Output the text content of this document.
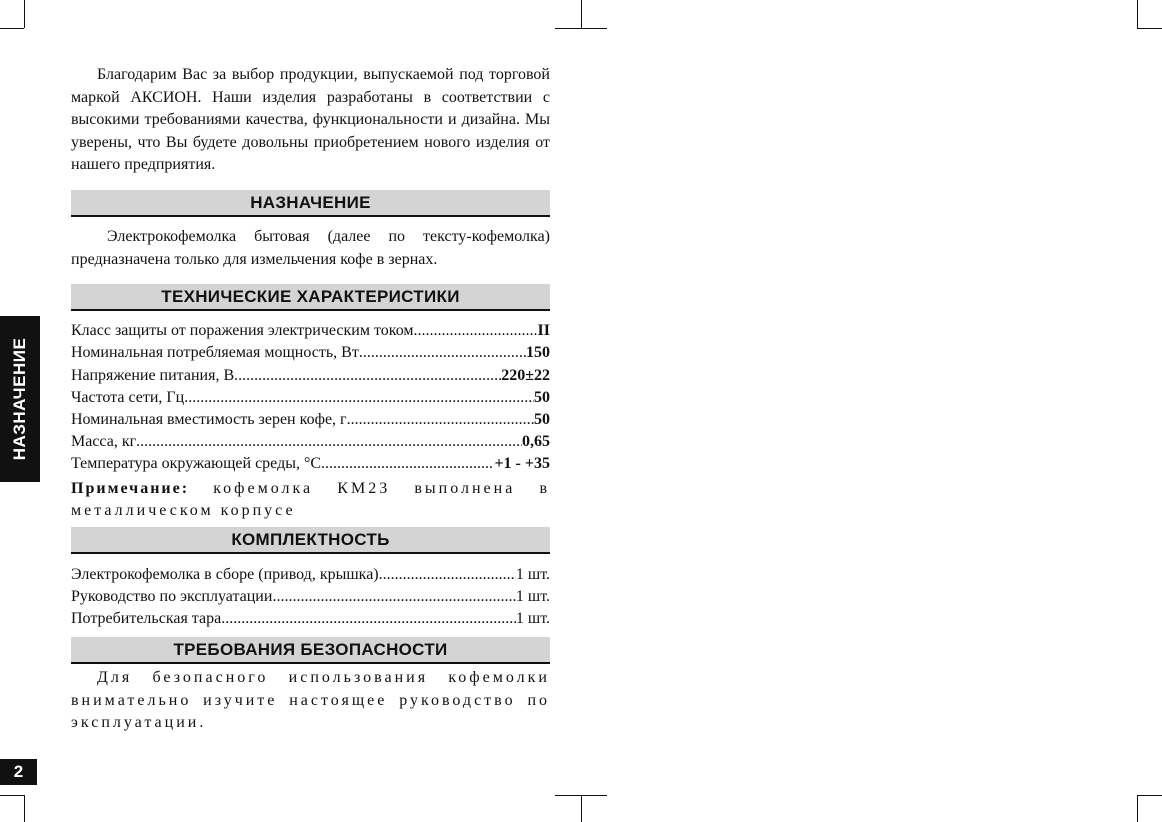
НАЗНАЧЕНИЕ
2

Благодарим Вас за выбор продукции, выпускаемой под торговой маркой АКСИОН. Наши изделия разработаны в соответствии с высокими требованиями качества, функциональности и дизайна. Мы уверены, что Вы будете довольны приобретением нового изделия от нашего предприятия.

НАЗНАЧЕНИЕ

Электрокофемолка бытовая (далее по тексту-кофемолка) предназначена только для измельчения кофе в зернах.

ТЕХНИЧЕСКИЕ ХАРАКТЕРИСТИКИ
Класс защиты от поражения электрическим током .....	II
Номинальная потребляемая мощность, Вт .....	150
Напряжение питания, В .....	220±22
Частота сети, Гц .....	50
Номинальная вместимость зерен кофе, г .....	50
Масса, кг .....	0,65
Температура окружающей среды, °С .....	+1 - +35

Примечание: кофемолка КМ23 выполнена в металлическом корпусе

КОМПЛЕКТНОСТЬ
Электрокофемолка в сборе (привод, крышка) .....	1 шт.
Руководство по эксплуатации .....	1 шт.
Потребительская тара .....	1 шт.
ТРЕБОВАНИЯ БЕЗОПАСНОСТИ

Для безопасного использования кофемолки внимательно изучите настоящее руководство по эксплуатации.
